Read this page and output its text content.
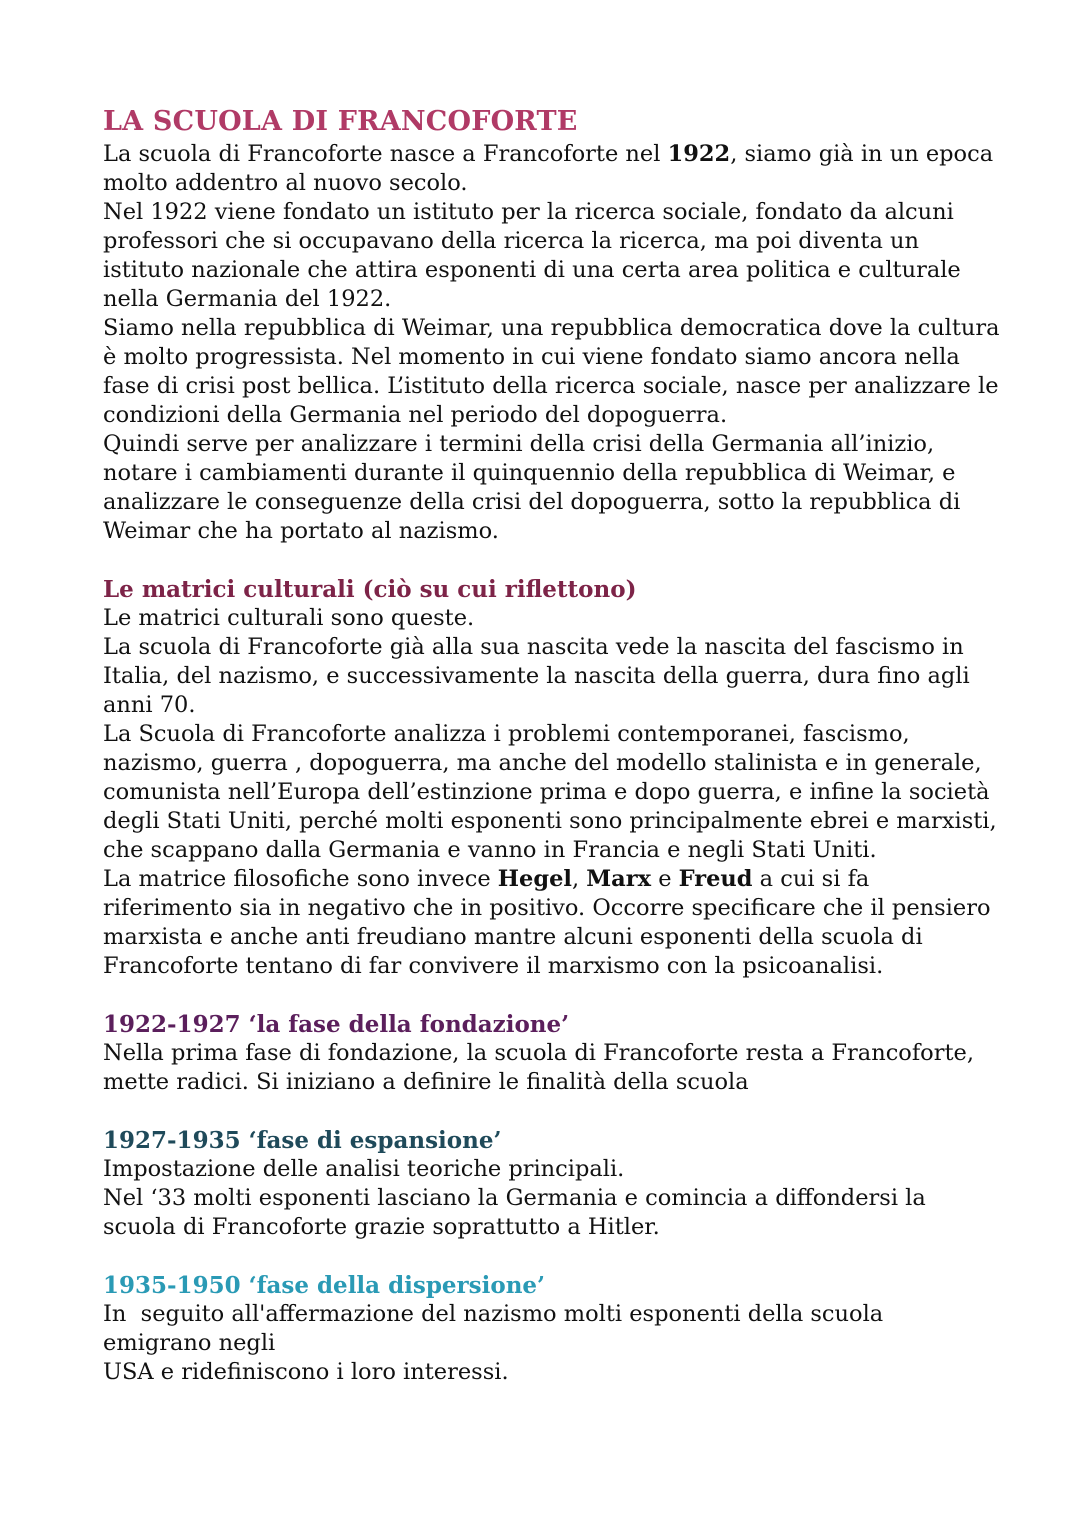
LA SCUOLA DI FRANCOFORTE

La scuola di Francoforte nasce a Francoforte nel 1922, siamo già in un epoca molto addentro al nuovo secolo.

Nel 1922 viene fondato un istituto per la ricerca sociale, fondato da alcuni professori che si occupavano della ricerca la ricerca, ma poi diventa un istituto nazionale che attira esponenti di una certa area politica e culturale nella Germania del 1922.

Siamo nella repubblica di Weimar, una repubblica democratica dove la cultura è molto progressista. Nel momento in cui viene fondato siamo ancora nella fase di crisi post bellica. L’istituto della ricerca sociale, nasce per analizzare le condizioni della Germania nel periodo del dopoguerra.

Quindi serve per analizzare i termini della crisi della Germania all’inizio, notare i cambiamenti durante il quinquennio della repubblica di Weimar, e analizzare le conseguenze della crisi del dopoguerra, sotto la repubblica di Weimar che ha portato al nazismo.

Le matrici culturali (ciò su cui riflettono)

Le matrici culturali sono queste.

La scuola di Francoforte già alla sua nascita vede la nascita del fascismo in Italia, del nazismo, e successivamente la nascita della guerra, dura fino agli anni 70.

La Scuola di Francoforte analizza i problemi contemporanei, fascismo, nazismo, guerra , dopoguerra, ma anche del modello stalinista e in generale, comunista nell’Europa dell’estinzione prima e dopo guerra, e infine la società degli Stati Uniti, perché molti esponenti sono principalmente ebrei e marxisti, che scappano dalla Germania e vanno in Francia e negli Stati Uniti.

La matrice filosofiche sono invece Hegel, Marx e Freud a cui si fa riferimento sia in negativo che in positivo. Occorre specificare che il pensiero marxista e anche anti freudiano mantre alcuni esponenti della scuola di Francoforte tentano di far convivere il marxismo con la psicoanalisi.

1922-1927 ‘la fase della fondazione’

Nella prima fase di fondazione, la scuola di Francoforte resta a Francoforte, mette radici. Si iniziano a definire le finalità della scuola

1927-1935 ‘fase di espansione’

Impostazione delle analisi teoriche principali.

Nel ‘33 molti esponenti lasciano la Germania e comincia a diffondersi la scuola di Francoforte grazie soprattutto a Hitler.

1935-1950 ‘fase della dispersione’

In  seguito all'affermazione del nazismo molti esponenti della scuola

emigrano negli

USA e ridefiniscono i loro interessi.
